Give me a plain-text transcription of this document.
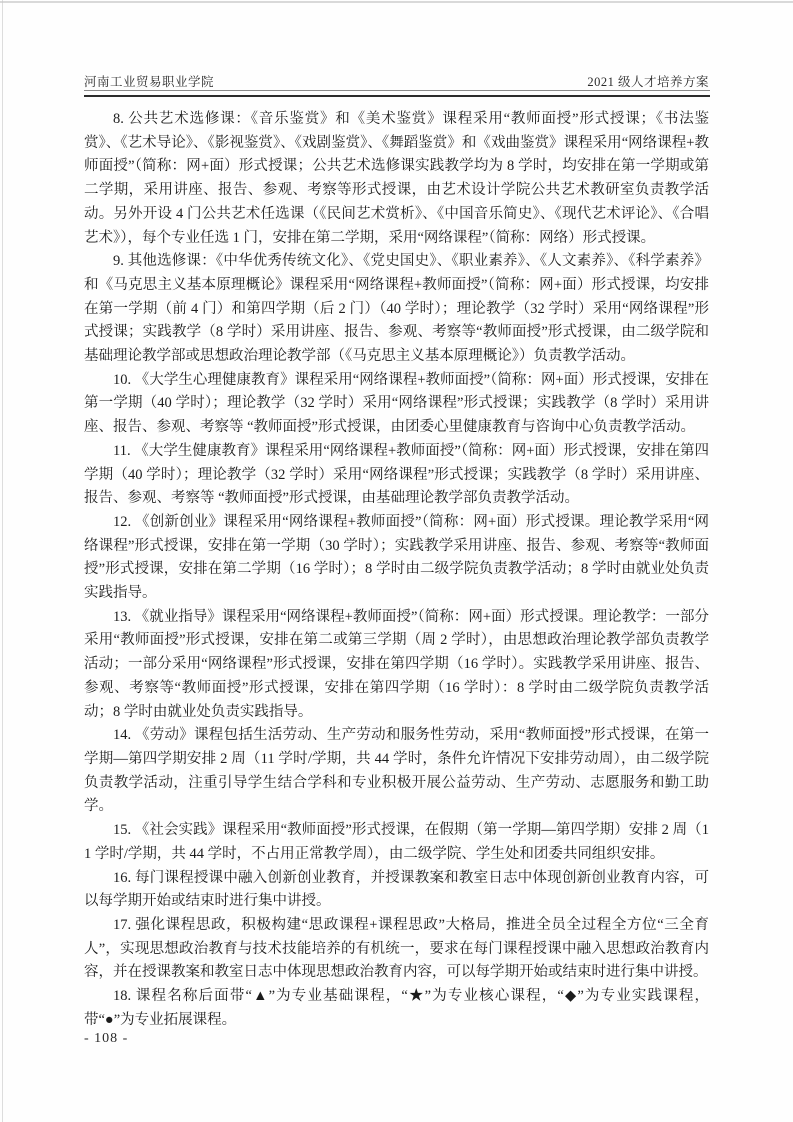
河南工业贸易职业学院	2021 级人才培养方案

8. 公共艺术选修课：《音乐鉴赏》和《美术鉴赏》课程采用“教师面授”形式授课；《书法鉴赏》、《艺术导论》、《影视鉴赏》、《戏剧鉴赏》、《舞蹈鉴赏》和《戏曲鉴赏》课程采用“网络课程+教师面授”（简称：网+面）形式授课；公共艺术选修课实践教学均为 8 学时，均安排在第一学期或第二学期，采用讲座、报告、参观、考察等形式授课，由艺术设计学院公共艺术教研室负责教学活动。另外开设 4 门公共艺术任选课（《民间艺术赏析》、《中国音乐简史》、《现代艺术评论》、《合唱艺术》），每个专业任选 1 门，安排在第二学期，采用“网络课程”（简称：网络）形式授课。

9. 其他选修课：《中华优秀传统文化》、《党史国史》、《职业素养》、《人文素养》、《科学素养》和《马克思主义基本原理概论》课程采用“网络课程+教师面授”（简称：网+面）形式授课，均安排在第一学期（前 4 门）和第四学期（后 2 门）（40 学时）；理论教学（32 学时）采用“网络课程”形式授课；实践教学（8 学时）采用讲座、报告、参观、考察等“教师面授”形式授课，由二级学院和基础理论教学部或思想政治理论教学部（《马克思主义基本原理概论》）负责教学活动。

10. 《大学生心理健康教育》课程采用“网络课程+教师面授”（简称：网+面）形式授课，安排在第一学期（40 学时）；理论教学（32 学时）采用“网络课程”形式授课；实践教学（8 学时）采用讲座、报告、参观、考察等 “教师面授”形式授课，由团委心里健康教育与咨询中心负责教学活动。

11. 《大学生健康教育》课程采用“网络课程+教师面授”（简称：网+面）形式授课，安排在第四学期（40 学时）；理论教学（32 学时）采用“网络课程”形式授课；实践教学（8 学时）采用讲座、报告、参观、考察等 “教师面授”形式授课，由基础理论教学部负责教学活动。

12. 《创新创业》课程采用“网络课程+教师面授”（简称：网+面）形式授课。理论教学采用“网络课程”形式授课，安排在第一学期（30 学时）；实践教学采用讲座、报告、参观、考察等“教师面授”形式授课，安排在第二学期（16 学时）；8 学时由二级学院负责教学活动；8 学时由就业处负责实践指导。

13. 《就业指导》课程采用“网络课程+教师面授”（简称：网+面）形式授课。理论教学：一部分采用“教师面授”形式授课，安排在第二或第三学期（周 2 学时），由思想政治理论教学部负责教学活动；一部分采用“网络课程”形式授课，安排在第四学期（16 学时）。实践教学采用讲座、报告、参观、考察等“教师面授”形式授课，安排在第四学期（16 学时）：8 学时由二级学院负责教学活动；8 学时由就业处负责实践指导。

14. 《劳动》课程包括生活劳动、生产劳动和服务性劳动，采用“教师面授”形式授课，在第一学期—第四学期安排 2 周（11 学时/学期，共 44 学时，条件允许情况下安排劳动周），由二级学院负责教学活动，注重引导学生结合学科和专业积极开展公益劳动、生产劳动、志愿服务和勤工助学。

15. 《社会实践》课程采用“教师面授”形式授课，在假期（第一学期—第四学期）安排 2 周（11 学时/学期，共 44 学时，不占用正常教学周），由二级学院、学生处和团委共同组织安排。

16. 每门课程授课中融入创新创业教育，并授课教案和教室日志中体现创新创业教育内容，可以每学期开始或结束时进行集中讲授。

17. 强化课程思政，积极构建“思政课程+课程思政”大格局，推进全员全过程全方位“三全育人”，实现思想政治教育与技术技能培养的有机统一，要求在每门课程授课中融入思想政治教育内容，并在授课教案和教室日志中体现思想政治教育内容，可以每学期开始或结束时进行集中讲授。

18. 课程名称后面带“▲”为专业基础课程，“★”为专业核心课程，“◆”为专业实践课程，带“●”为专业拓展课程。

- 108 -
